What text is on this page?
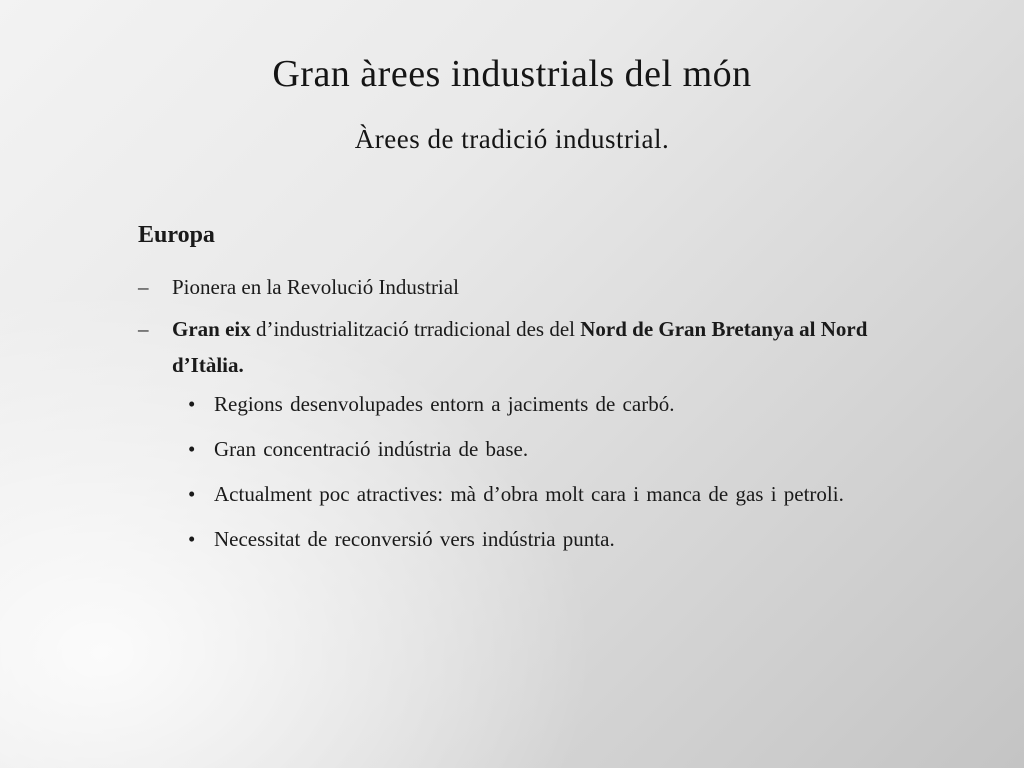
Gran àrees industrials del món
Àrees de tradició industrial.
Europa
– Pionera en la Revolució Industrial
– Gran eix d’industrialització trradicional des del Nord de Gran Bretanya al Nord d’Itàlia.
• Regions desenvolupades entorn a jaciments de carbó.
• Gran concentració indústria de base.
• Actualment poc atractives: mà d’obra molt cara i manca de gas i petroli.
• Necessitat de reconversió vers indústria punta.
